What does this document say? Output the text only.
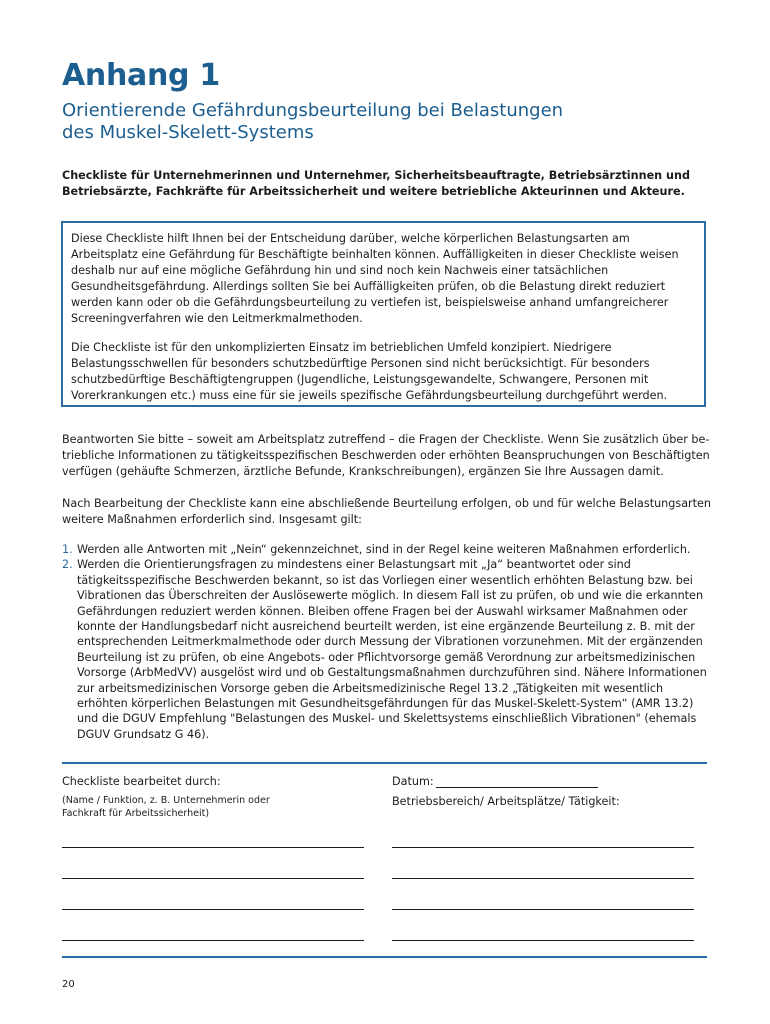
Anhang 1
Orientierende Gefährdungsbeurteilung bei Belastungen
des Muskel-Skelett-Systems

Checkliste für Unternehmerinnen und Unternehmer, Sicherheitsbeauftragte, Betriebsärztinnen und Betriebsärzte, Fachkräfte für Arbeitssicherheit und weitere betriebliche Akteurinnen und Akteure.

Diese Checkliste hilft Ihnen bei der Entscheidung darüber, welche körperlichen Belastungsarten am Arbeitsplatz eine Gefährdung für Beschäftigte beinhalten können. Auffälligkeiten in dieser Checkliste weisen deshalb nur auf eine mögliche Gefährdung hin und sind noch kein Nachweis einer tatsächlichen Gesundheitsgefährdung. Allerdings sollten Sie bei Auffälligkeiten prüfen, ob die Belastung direkt reduziert werden kann oder ob die Gefährdungsbeurteilung zu vertiefen ist, beispielsweise anhand umfangreicherer Screeningverfahren wie den Leitmerkmalmethoden.

Die Checkliste ist für den unkomplizierten Einsatz im betrieblichen Umfeld konzipiert. Niedrigere Belastungsschwellen für besonders schutzbedürftige Personen sind nicht berücksichtigt. Für besonders schutzbedürftige Beschäftigtengruppen (Jugendliche, Leistungsgewandelte, Schwangere, Personen mit Vorerkrankungen etc.) muss eine für sie jeweils spezifische Gefährdungsbeurteilung durchgeführt werden.

Beantworten Sie bitte – soweit am Arbeitsplatz zutreffend – die Fragen der Checkliste. Wenn Sie zusätzlich über betriebliche Informationen zu tätigkeitsspezifischen Beschwerden oder erhöhten Beanspruchungen von Beschäftigten verfügen (gehäufte Schmerzen, ärztliche Befunde, Krankschreibungen), ergänzen Sie Ihre Aussagen damit.

Nach Bearbeitung der Checkliste kann eine abschließende Beurteilung erfolgen, ob und für welche Belastungsarten weitere Maßnahmen erforderlich sind. Insgesamt gilt:

1. Werden alle Antworten mit „Nein“ gekennzeichnet, sind in der Regel keine weiteren Maßnahmen erforderlich.
2. Werden die Orientierungsfragen zu mindestens einer Belastungsart mit „Ja“ beantwortet oder sind tätigkeitsspezifische Beschwerden bekannt, so ist das Vorliegen einer wesentlich erhöhten Belastung bzw. bei Vibrationen das Überschreiten der Auslösewerte möglich. In diesem Fall ist zu prüfen, ob und wie die erkannten Gefährdungen reduziert werden können. Bleiben offene Fragen bei der Auswahl wirksamer Maßnahmen oder konnte der Handlungsbedarf nicht ausreichend beurteilt werden, ist eine ergänzende Beurteilung z. B. mit der entsprechenden Leitmerkmalmethode oder durch Messung der Vibrationen vorzunehmen. Mit der ergänzenden Beurteilung ist zu prüfen, ob eine Angebots- oder Pflichtvorsorge gemäß Verordnung zur arbeitsmedizinischen Vorsorge (ArbMedVV) ausgelöst wird und ob Gestaltungsmaßnahmen durchzuführen sind. Nähere Informationen zur arbeitsmedizinischen Vorsorge geben die Arbeitsmedizinische Regel 13.2 „Tätigkeiten mit wesentlich erhöhten körperlichen Belastungen mit Gesundheitsgefährdungen für das Muskel-Skelett-System“ (AMR 13.2) und die DGUV Empfehlung "Belastungen des Muskel- und Skelettsystems einschließlich Vibrationen" (ehemals DGUV Grundsatz G 46).

Checkliste bearbeitet durch:

(Name / Funktion, z. B. Unternehmerin oder
Fachkraft für Arbeitssicherheit)

Datum:

Betriebsbereich/ Arbeitsplätze/ Tätigkeit:

20
